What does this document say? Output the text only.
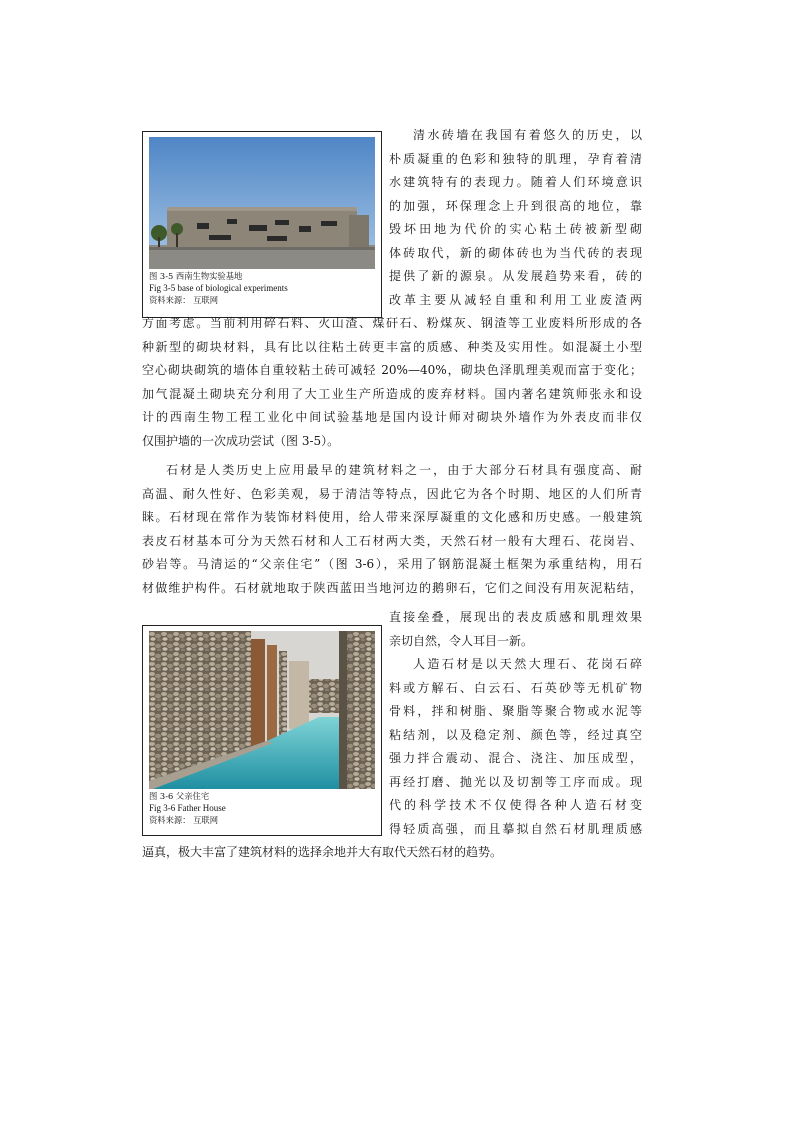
图 3-5 西南生物实验基地
Fig 3-5 base of biological experiments
资料来源： 互联网
图 3-6 父亲住宅
Fig 3-6 Father House
资料来源： 互联网
清水砖墙在我国有着悠久的历史，以
朴质凝重的色彩和独特的肌理，孕育着清
水建筑特有的表现力。随着人们环境意识
的加强，环保理念上升到很高的地位，靠
毁坏田地为代价的实心粘土砖被新型砌
体砖取代，新的砌体砖也为当代砖的表现
提供了新的源泉。从发展趋势来看，砖的
改革主要从减轻自重和利用工业废渣两
方面考虑。当前利用碎石料、火山渣、煤矸石、粉煤灰、钢渣等工业废料所形成的各
种新型的砌块材料，具有比以往粘土砖更丰富的质感、种类及实用性。如混凝土小型
空心砌块砌筑的墙体自重较粘土砖可减轻 20%—40%，砌块色泽肌理美观而富于变化；
加气混凝土砌块充分利用了大工业生产所造成的废弃材料。国内著名建筑师张永和设
计的西南生物工程工业化中间试验基地是国内设计师对砌块外墙作为外表皮而非仅
仅围护墙的一次成功尝试（图 3-5）。
石材是人类历史上应用最早的建筑材料之一，由于大部分石材具有强度高、耐
高温、耐久性好、色彩美观，易于清洁等特点，因此它为各个时期、地区的人们所青
睐。石材现在常作为装饰材料使用，给人带来深厚凝重的文化感和历史感。一般建筑
表皮石材基本可分为天然石材和人工石材两大类，天然石材一般有大理石、花岗岩、
砂岩等。马清运的“父亲住宅”（图 3-6），采用了钢筋混凝土框架为承重结构，用石
材做维护构件。石材就地取于陕西蓝田当地河边的鹅卵石，它们之间没有用灰泥粘结，
直接垒叠，展现出的表皮质感和肌理效果
亲切自然，令人耳目一新。
人造石材是以天然大理石、花岗石碎
料或方解石、白云石、石英砂等无机矿物
骨料，拌和树脂、聚脂等聚合物或水泥等
粘结剂，以及稳定剂、颜色等，经过真空
强力拌合震动、混合、浇注、加压成型，
再经打磨、抛光以及切割等工序而成。现
代的科学技术不仅使得各种人造石材变
得轻质高强，而且摹拟自然石材肌理质感
逼真，极大丰富了建筑材料的选择余地并大有取代天然石材的趋势。
